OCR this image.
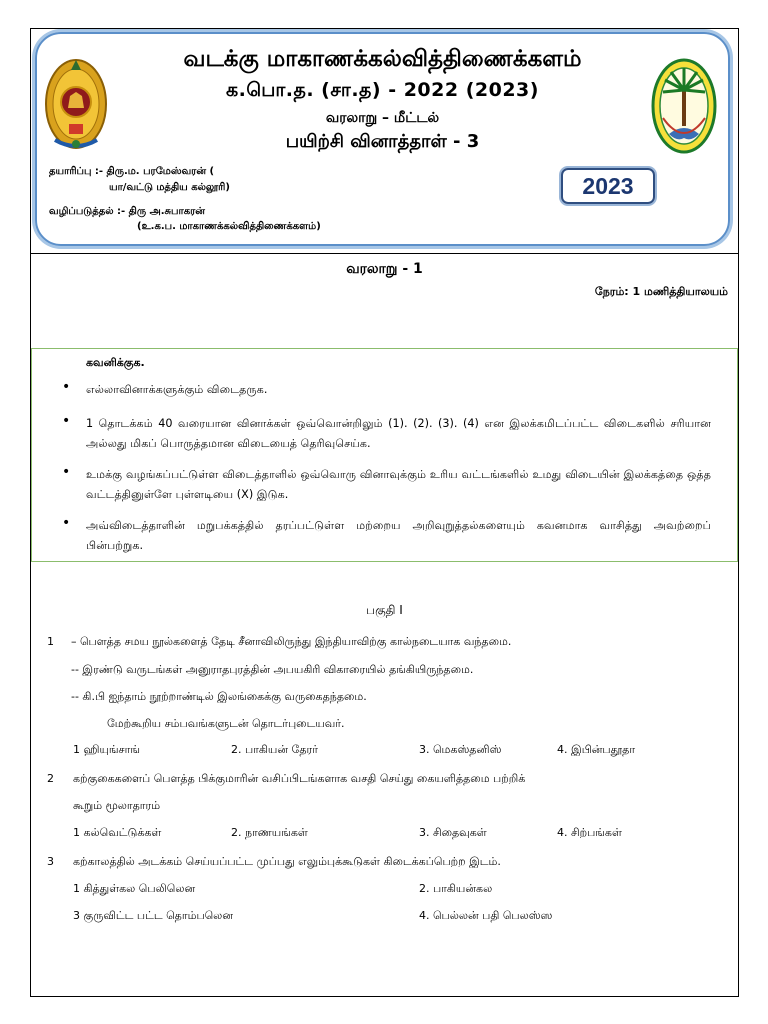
வடக்கு மாகாணக்கல்வித்திணைக்களம்
க.பொ.த. (சா.த) - 2022 (2023)
வரலாறு – மீட்டல்
பயிற்சி வினாத்தாள் - 3
தயாரிப்பு :- திரு.ம. பரமேஸ்வரன் (
யா/வட்டு மத்திய கல்லூரி)
வழிப்படுத்தல் :- திரு அ.சுபாகரன்
(உ.க.ப. மாகாணக்கல்வித்திணைக்களம்)
2023
வரலாறு - 1
நேரம்: 1 மணித்தியாலயம்
கவனிக்குக.
• எல்லாவினாக்களுக்கும் விடைதருக.
• 1 தொடக்கம் 40 வரையான வினாக்கள் ஒவ்வொன்றிலும் (1). (2). (3). (4) என இலக்கமிடப்பட்ட விடைகளில் சரியான அல்லது மிகப் பொருத்தமான விடையைத் தெரிவுசெய்க.
• உமக்கு வழங்கப்பட்டுள்ள விடைத்தாளில் ஒவ்வொரு வினாவுக்கும் உரிய வட்டங்களில் உமது விடையின் இலக்கத்தை ஒத்த வட்டத்தினுள்ளே புள்ளடியை (X) இடுக.
• அவ்விடைத்தாளின் மறுபக்கத்தில் தரப்பட்டுள்ள மற்றைய அறிவுறுத்தல்களையும் கவனமாக வாசித்து அவற்றைப் பின்பற்றுக.
பகுதி I
1 – பௌத்த சமய நூல்களைத் தேடி சீனாவிலிருந்து இந்தியாவிற்கு கால்நடையாக வந்தமை.
-- இரண்டு வருடங்கள் அனுராதபுரத்தின் அபயகிரி விகாரையில் தங்கியிருந்தமை.
-- கி.பி ஐந்தாம் நூற்றாண்டில் இலங்கைக்கு வருகைதந்தமை.
மேற்கூறிய சம்பவங்களுடன் தொடர்புடையவர்.
1 ஹியுங்சாங்	2. பாகியன் தேரர்	3. மெகஸ்தனிஸ்	4. இபின்பதூதா
2 கற்குகைகளைப் பௌத்த பிக்குமாரின் வசிப்பிடங்களாக வசதி செய்து கையளித்தமை பற்றிக்
கூறும் மூலாதாரம்
1 கல்வெட்டுக்கள்	2. நாணயங்கள்	3. சிதைவுகள்	4. சிற்பங்கள்
3 கற்காலத்தில் அடக்கம் செய்யப்பட்ட முப்பது எலும்புக்கூடுகள் கிடைக்கப்பெற்ற இடம்.
1 கித்துள்கல பெலிலென	2. பாகியன்கல
3 குருவிட்ட பட்ட தொம்பலென	4. பெல்லன் பதி பெலஸ்ஸ
